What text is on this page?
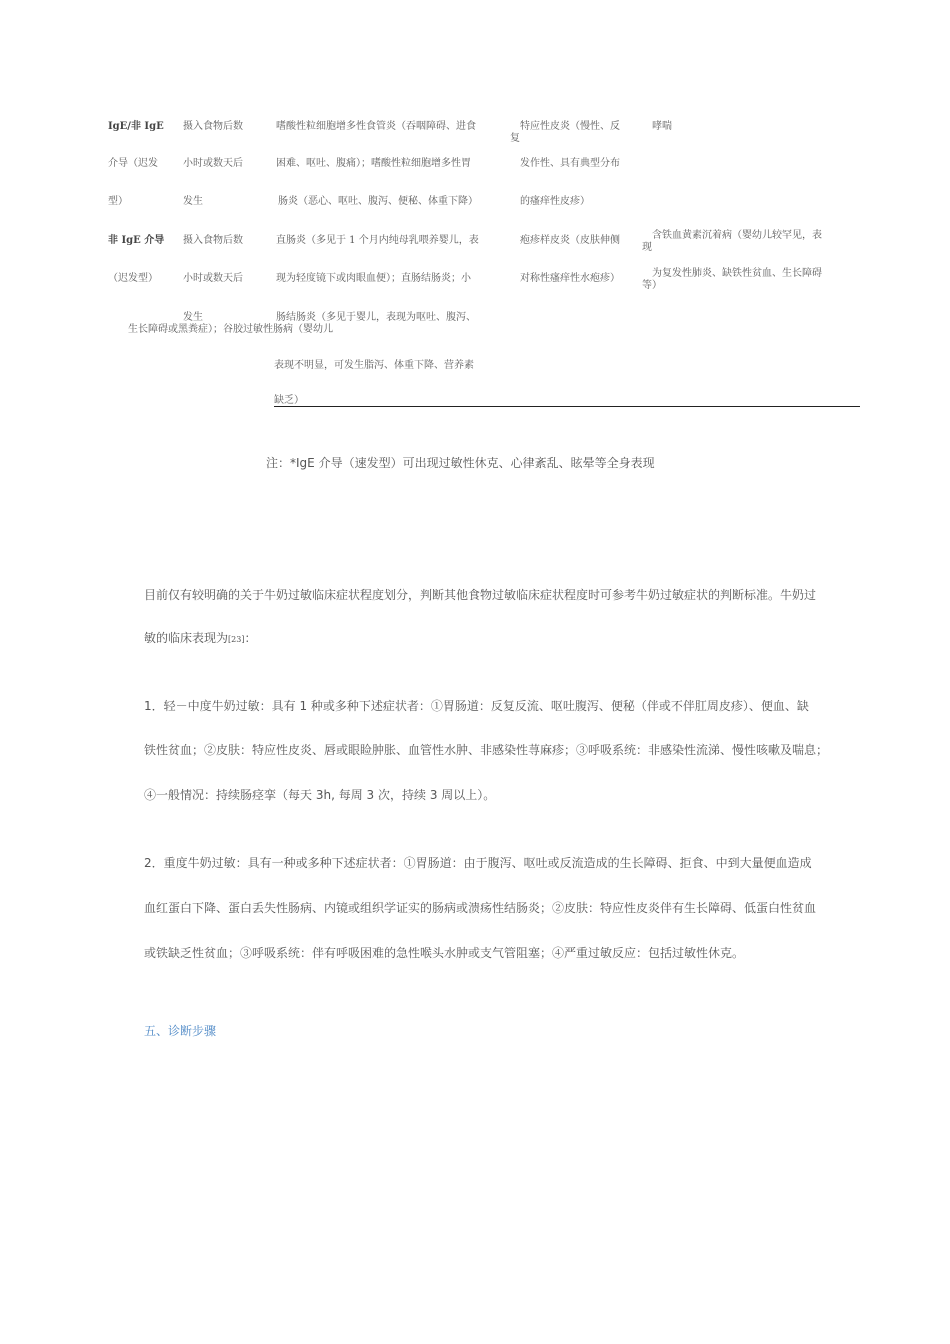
IgE/非 IgE
介导（迟发
型）
摄入食物后数
小时或数天后
发生
嗜酸性粒细胞增多性食管炎（吞咽障碍、进食
困难、呕吐、腹痛）；嗜酸性粒细胞增多性胃
肠炎（恶心、呕吐、腹泻、便秘、体重下降）
特应性皮炎（慢性、反
复
发作性、具有典型分布
的瘙痒性皮疹）
哮喘
非 IgE 介导
（迟发型）
摄入食物后数
小时或数天后
发生
直肠炎（多见于 1 个月内纯母乳喂养婴儿，表
现为轻度镜下或肉眼血便）；直肠结肠炎；小
肠结肠炎（多见于婴儿，表现为呕吐、腹泻、
生长障碍或黑粪症）；谷胶过敏性肠病（婴幼儿
表现不明显，可发生脂泻、体重下降、营养素
缺乏）
疱疹样皮炎（皮肤伸侧
对称性瘙痒性水疱疹）
含铁血黄素沉着病（婴幼儿较罕见，表
现
为复发性肺炎、缺铁性贫血、生长障碍
等）
注：*IgE 介导（速发型）可出现过敏性休克、心律紊乱、眩晕等全身表现
目前仅有较明确的关于牛奶过敏临床症状程度划分，判断其他食物过敏临床症状程度时可参考牛奶过敏症状的判断标准。牛奶过
敏的临床表现为[23]：
1．轻－中度牛奶过敏：具有 1 种或多种下述症状者：①胃肠道：反复反流、呕吐腹泻、便秘（伴或不伴肛周皮疹）、便血、缺
铁性贫血；②皮肤：特应性皮炎、唇或眼睑肿胀、血管性水肿、非感染性荨麻疹；③呼吸系统：非感染性流涕、慢性咳嗽及喘息；
④一般情况：持续肠痉挛（每天 3h, 每周 3 次，持续 3 周以上）。
2．重度牛奶过敏：具有一种或多种下述症状者：①胃肠道：由于腹泻、呕吐或反流造成的生长障碍、拒食、中到大量便血造成
血红蛋白下降、蛋白丢失性肠病、内镜或组织学证实的肠病或溃疡性结肠炎；②皮肤：特应性皮炎伴有生长障碍、低蛋白性贫血
或铁缺乏性贫血；③呼吸系统：伴有呼吸困难的急性喉头水肿或支气管阻塞；④严重过敏反应：包括过敏性休克。
五、诊断步骤
